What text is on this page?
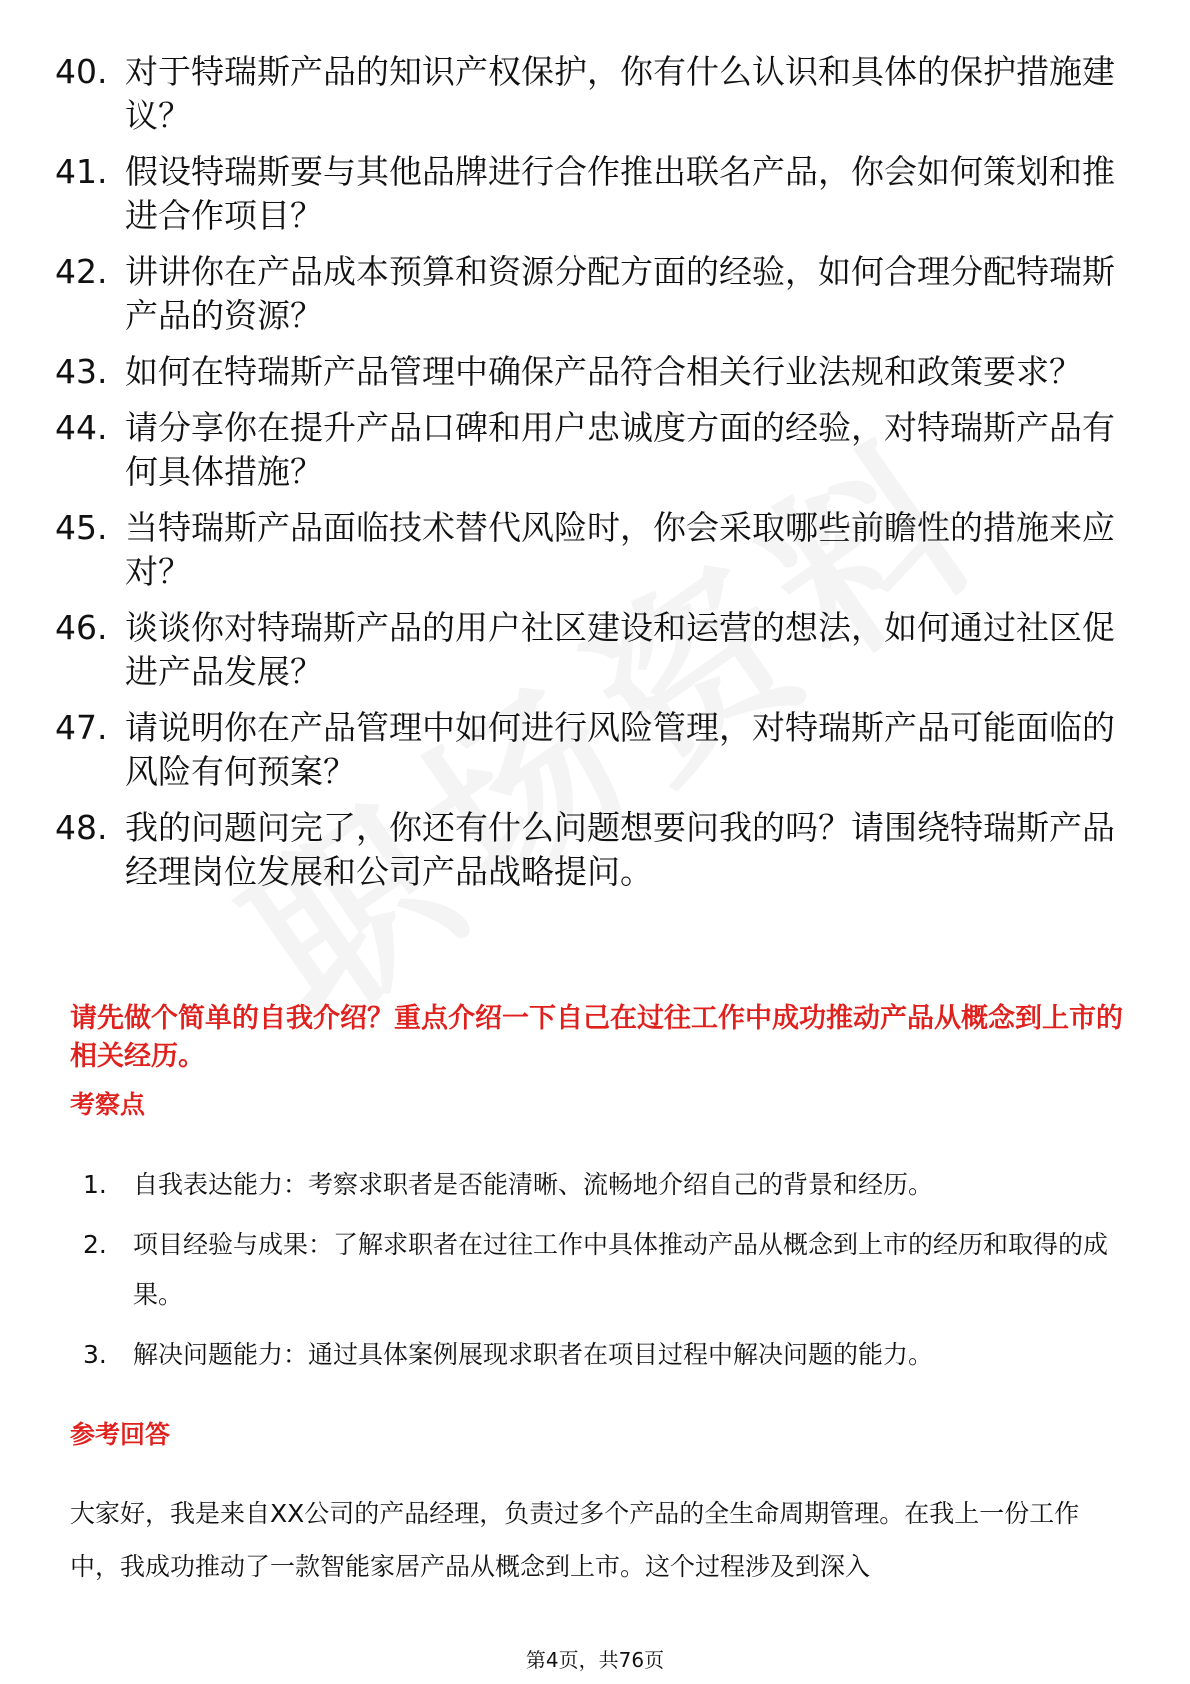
40. 对于特瑞斯产品的知识产权保护，你有什么认识和具体的保护措施建议？
41. 假设特瑞斯要与其他品牌进行合作推出联名产品，你会如何策划和推进合作项目？
42. 讲讲你在产品成本预算和资源分配方面的经验，如何合理分配特瑞斯产品的资源？
43. 如何在特瑞斯产品管理中确保产品符合相关行业法规和政策要求？
44. 请分享你在提升产品口碑和用户忠诚度方面的经验，对特瑞斯产品有何具体措施？
45. 当特瑞斯产品面临技术替代风险时，你会采取哪些前瞻性的措施来应对？
46. 谈谈你对特瑞斯产品的用户社区建设和运营的想法，如何通过社区促进产品发展？
47. 请说明你在产品管理中如何进行风险管理，对特瑞斯产品可能面临的风险有何预案？
48. 我的问题问完了，你还有什么问题想要问我的吗？请围绕特瑞斯产品经理岗位发展和公司产品战略提问。
请先做个简单的自我介绍？重点介绍一下自己在过往工作中成功推动产品从概念到上市的相关经历。
考察点
1.	自我表达能力：考察求职者是否能清晰、流畅地介绍自己的背景和经历。
2.	项目经验与成果：了解求职者在过往工作中具体推动产品从概念到上市的经历和取得的成果。
3.	解决问题能力：通过具体案例展现求职者在项目过程中解决问题的能力。
参考回答
大家好，我是来自XX公司的产品经理，负责过多个产品的全生命周期管理。在我上一份工作中，我成功推动了一款智能家居产品从概念到上市。这个过程涉及到深入
第4页，共76页
